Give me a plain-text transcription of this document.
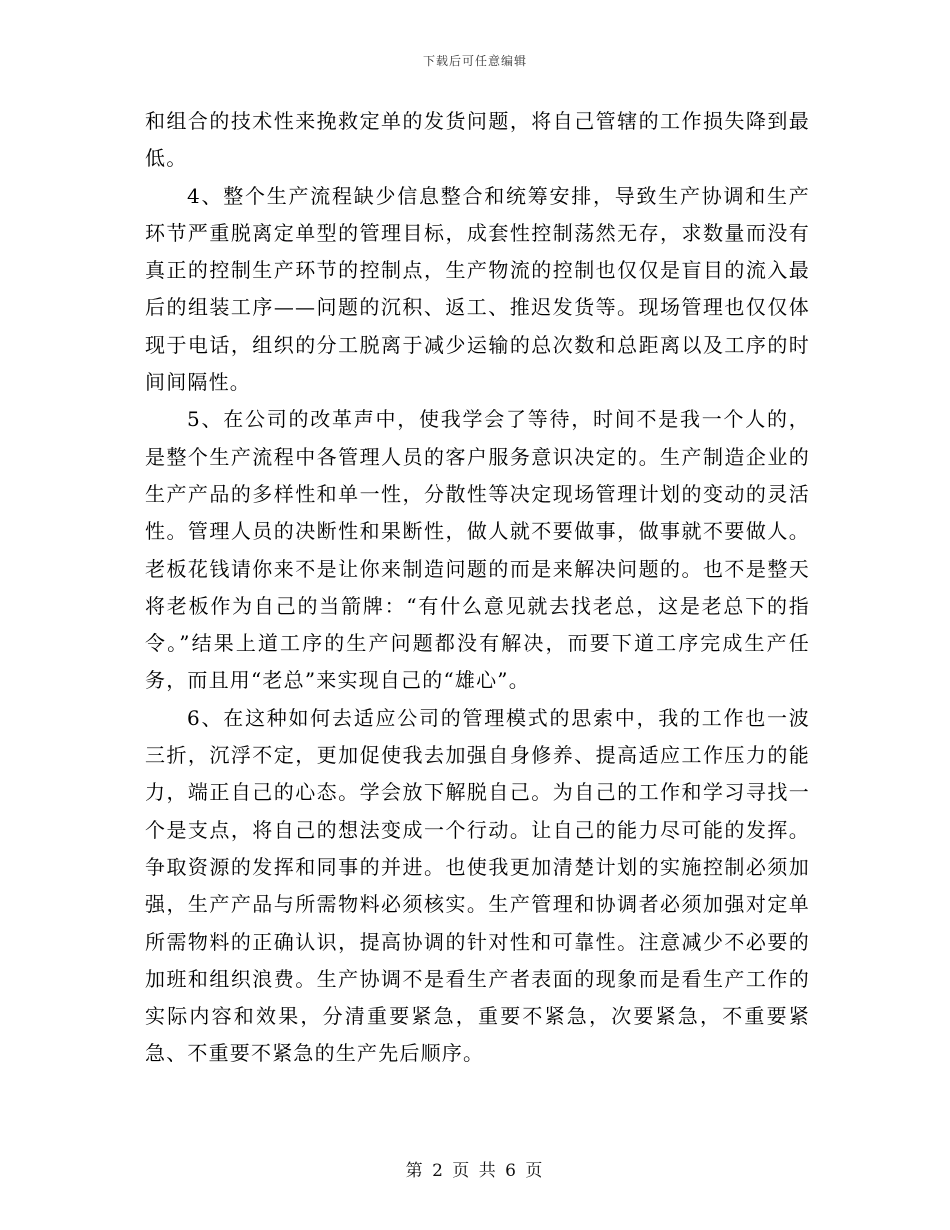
下载后可任意编辑

和组合的技术性来挽救定单的发货问题，将自己管辖的工作损失降到最低。

4、整个生产流程缺少信息整合和统筹安排，导致生产协调和生产环节严重脱离定单型的管理目标，成套性控制荡然无存，求数量而没有真正的控制生产环节的控制点，生产物流的控制也仅仅是盲目的流入最后的组装工序——问题的沉积、返工、推迟发货等。现场管理也仅仅体现于电话，组织的分工脱离于减少运输的总次数和总距离以及工序的时间间隔性。

5、在公司的改革声中，使我学会了等待，时间不是我一个人的，是整个生产流程中各管理人员的客户服务意识决定的。生产制造企业的生产产品的多样性和单一性，分散性等决定现场管理计划的变动的灵活性。管理人员的决断性和果断性，做人就不要做事，做事就不要做人。老板花钱请你来不是让你来制造问题的而是来解决问题的。也不是整天将老板作为自己的当箭牌：“有什么意见就去找老总，这是老总下的指令。”结果上道工序的生产问题都没有解决，而要下道工序完成生产任务，而且用“老总”来实现自己的“雄心”。

6、在这种如何去适应公司的管理模式的思索中，我的工作也一波三折，沉浮不定，更加促使我去加强自身修养、提高适应工作压力的能力，端正自己的心态。学会放下解脱自己。为自己的工作和学习寻找一个是支点，将自己的想法变成一个行动。让自己的能力尽可能的发挥。争取资源的发挥和同事的并进。也使我更加清楚计划的实施控制必须加强，生产产品与所需物料必须核实。生产管理和协调者必须加强对定单所需物料的正确认识，提高协调的针对性和可靠性。注意减少不必要的加班和组织浪费。生产协调不是看生产者表面的现象而是看生产工作的实际内容和效果，分清重要紧急，重要不紧急，次要紧急，不重要紧急、不重要不紧急的生产先后顺序。

第 2 页 共 6 页
